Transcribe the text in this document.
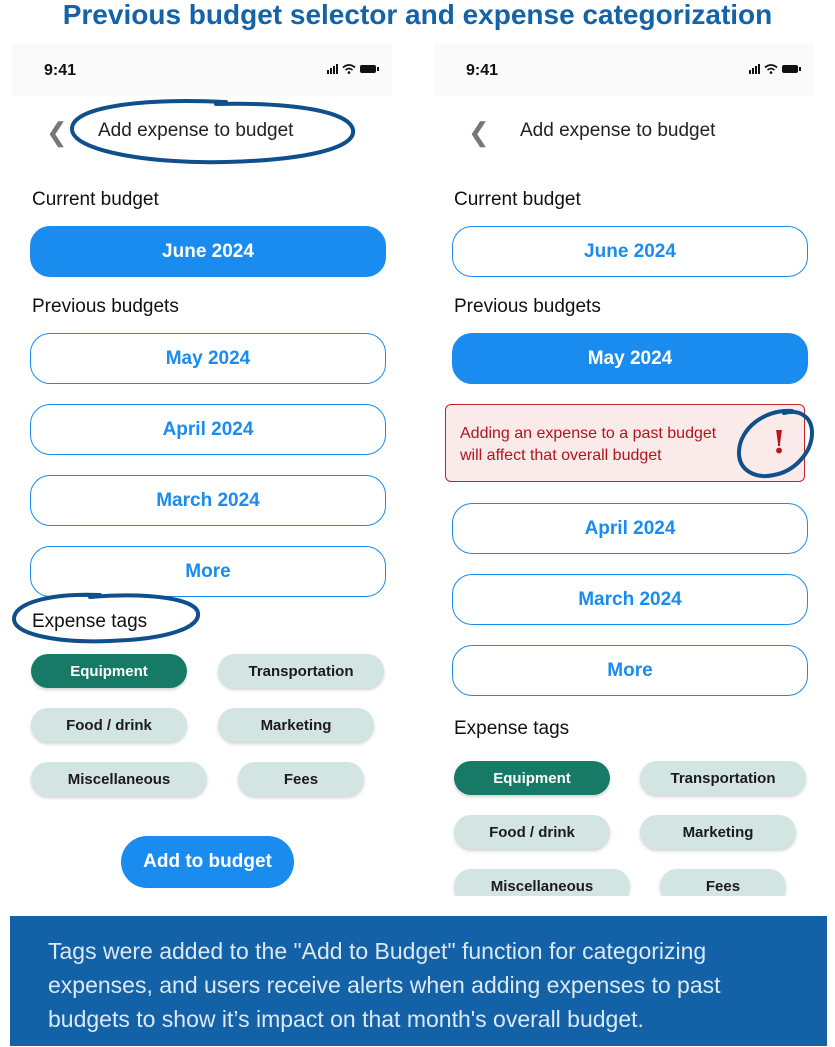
Previous budget selector and expense categorization
9:41
❮ Add expense to budget
Current budget
June 2024
Previous budgets
May 2024
April 2024
March 2024
More
Expense tags
Equipment	Transportation
Food / drink	Marketing
Miscellaneous	Fees
Add to budget
9:41
❮ Add expense to budget
Current budget
June 2024
Previous budgets
May 2024
Adding an expense to a past budget
will affect that overall budget	!
April 2024
March 2024
More
Expense tags
Equipment	Transportation
Food / drink	Marketing
Miscellaneous	Fees
Tags were added to the "Add to Budget" function for categorizing expenses, and users receive alerts when adding expenses to past budgets to show it’s impact on that month's overall budget.
